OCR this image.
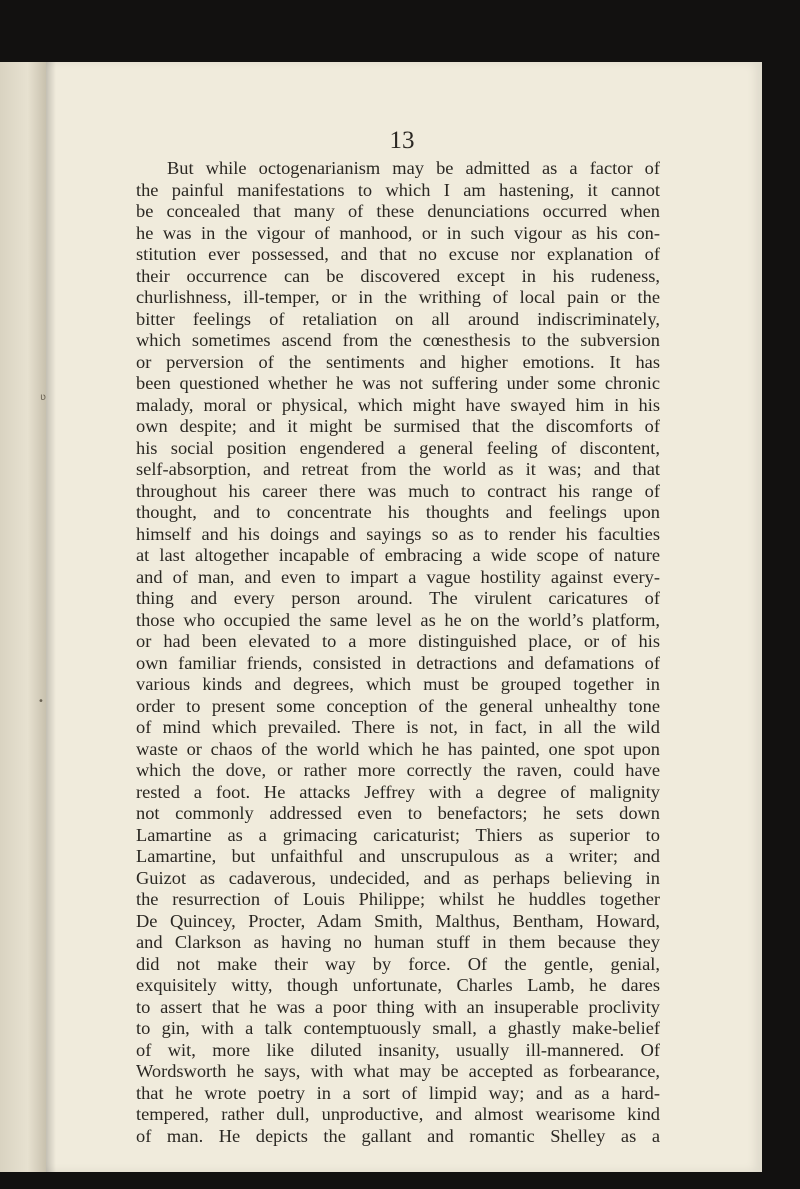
ʋ
•
13
But while octogenarianism may be admitted as a factor of
the painful manifestations to which I am hastening, it cannot
be concealed that many of these denunciations occurred when
he was in the vigour of manhood, or in such vigour as his con-
stitution ever possessed, and that no excuse nor explanation of
their occurrence can be discovered except in his rudeness,
churlishness, ill-temper, or in the writhing of local pain or the
bitter feelings of retaliation on all around indiscriminately,
which sometimes ascend from the cœnesthesis to the subversion
or perversion of the sentiments and higher emotions. It has
been questioned whether he was not suffering under some chronic
malady, moral or physical, which might have swayed him in his
own despite; and it might be surmised that the discomforts of
his social position engendered a general feeling of discontent,
self-absorption, and retreat from the world as it was; and that
throughout his career there was much to contract his range of
thought, and to concentrate his thoughts and feelings upon
himself and his doings and sayings so as to render his faculties
at last altogether incapable of embracing a wide scope of nature
and of man, and even to impart a vague hostility against every-
thing and every person around. The virulent caricatures of
those who occupied the same level as he on the world’s platform,
or had been elevated to a more distinguished place, or of his
own familiar friends, consisted in detractions and defamations of
various kinds and degrees, which must be grouped together in
order to present some conception of the general unhealthy tone
of mind which prevailed. There is not, in fact, in all the wild
waste or chaos of the world which he has painted, one spot upon
which the dove, or rather more correctly the raven, could have
rested a foot. He attacks Jeffrey with a degree of malignity
not commonly addressed even to benefactors; he sets down
Lamartine as a grimacing caricaturist; Thiers as superior to
Lamartine, but unfaithful and unscrupulous as a writer; and
Guizot as cadaverous, undecided, and as perhaps believing in
the resurrection of Louis Philippe; whilst he huddles together
De Quincey, Procter, Adam Smith, Malthus, Bentham, Howard,
and Clarkson as having no human stuff in them because they
did not make their way by force. Of the gentle, genial,
exquisitely witty, though unfortunate, Charles Lamb, he dares
to assert that he was a poor thing with an insuperable proclivity
to gin, with a talk contemptuously small, a ghastly make-belief
of wit, more like diluted insanity, usually ill-mannered. Of
Wordsworth he says, with what may be accepted as forbearance,
that he wrote poetry in a sort of limpid way; and as a hard-
tempered, rather dull, unproductive, and almost wearisome kind
of man. He depicts the gallant and romantic Shelley as a
